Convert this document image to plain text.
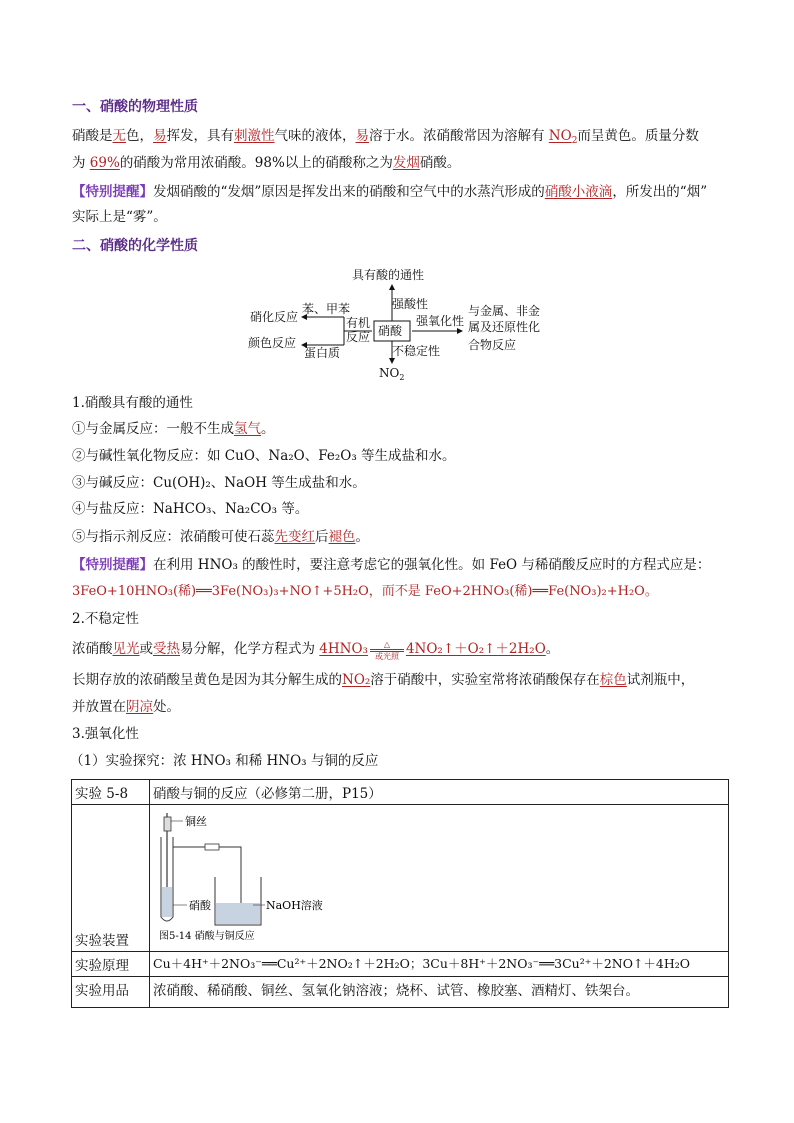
一、硝酸的物理性质
硝酸是无色，易挥发，具有刺激性气味的液体，易溶于水。浓硝酸常因为溶解有 $NO_2$而呈黄色。质量分数
为 69%的硝酸为常用浓硝酸。98%以上的硝酸称之为发烟硝酸。
【特别提醒】发烟硝酸的“发烟”原因是挥发出来的硝酸和空气中的水蒸汽形成的硝酸小液滴，所发出的“烟”
实际上是“雾”。
二、硝酸的化学性质
具有酸的通性
硝酸
强酸性
强氧化性
不稳定性
$NO_2$
与金属、非金
属及还原性化
合物反应
有机
反应
苯、甲苯
蛋白质
硝化反应
颜色反应
1.硝酸具有酸的通性
①与金属反应：一般不生成氢气。
②与碱性氧化物反应：如 CuO、Na₂O、Fe₂O₃ 等生成盐和水。
③与碱反应：Cu(OH)₂、NaOH 等生成盐和水。
④与盐反应：NaHCO₃、Na₂CO₃ 等。
⑤与指示剂反应：浓硝酸可使石蕊先变红后褪色。
【特别提醒】在利用 HNO₃ 的酸性时，要注意考虑它的强氧化性。如 FeO 与稀硝酸反应时的方程式应是：
3FeO+10HNO₃(稀)══3Fe(NO₃)₃+NO↑+5H₂O，而不是 FeO+2HNO₃(稀)══Fe(NO₃)₂+H₂O。
2.不稳定性
浓硝酸见光或受热易分解，化学方程式为 4HNO₃	△
或光照 4NO₂↑＋O₂↑＋2H₂O。
长期存放的浓硝酸呈黄色是因为其分解生成的NO₂溶于硝酸中，实验室常将浓硝酸保存在棕色试剂瓶中，
并放置在阴凉处。
3.强氧化性
（1）实验探究：浓 HNO₃ 和稀 HNO₃ 与铜的反应
实验 5-8	硝酸与铜的反应（必修第二册，P15）
实验装置	铜丝
硝酸 NaOH溶液
图5-14 硝酸与铜反应

实验原理	Cu＋4H⁺＋2NO₃⁻══Cu²⁺＋2NO₂↑＋2H₂O；3Cu＋8H⁺＋2NO₃⁻══3Cu²⁺＋2NO↑＋4H₂O
实验用品	浓硝酸、稀硝酸、铜丝、氢氧化钠溶液；烧杯、试管、橡胶塞、酒精灯、铁架台。
